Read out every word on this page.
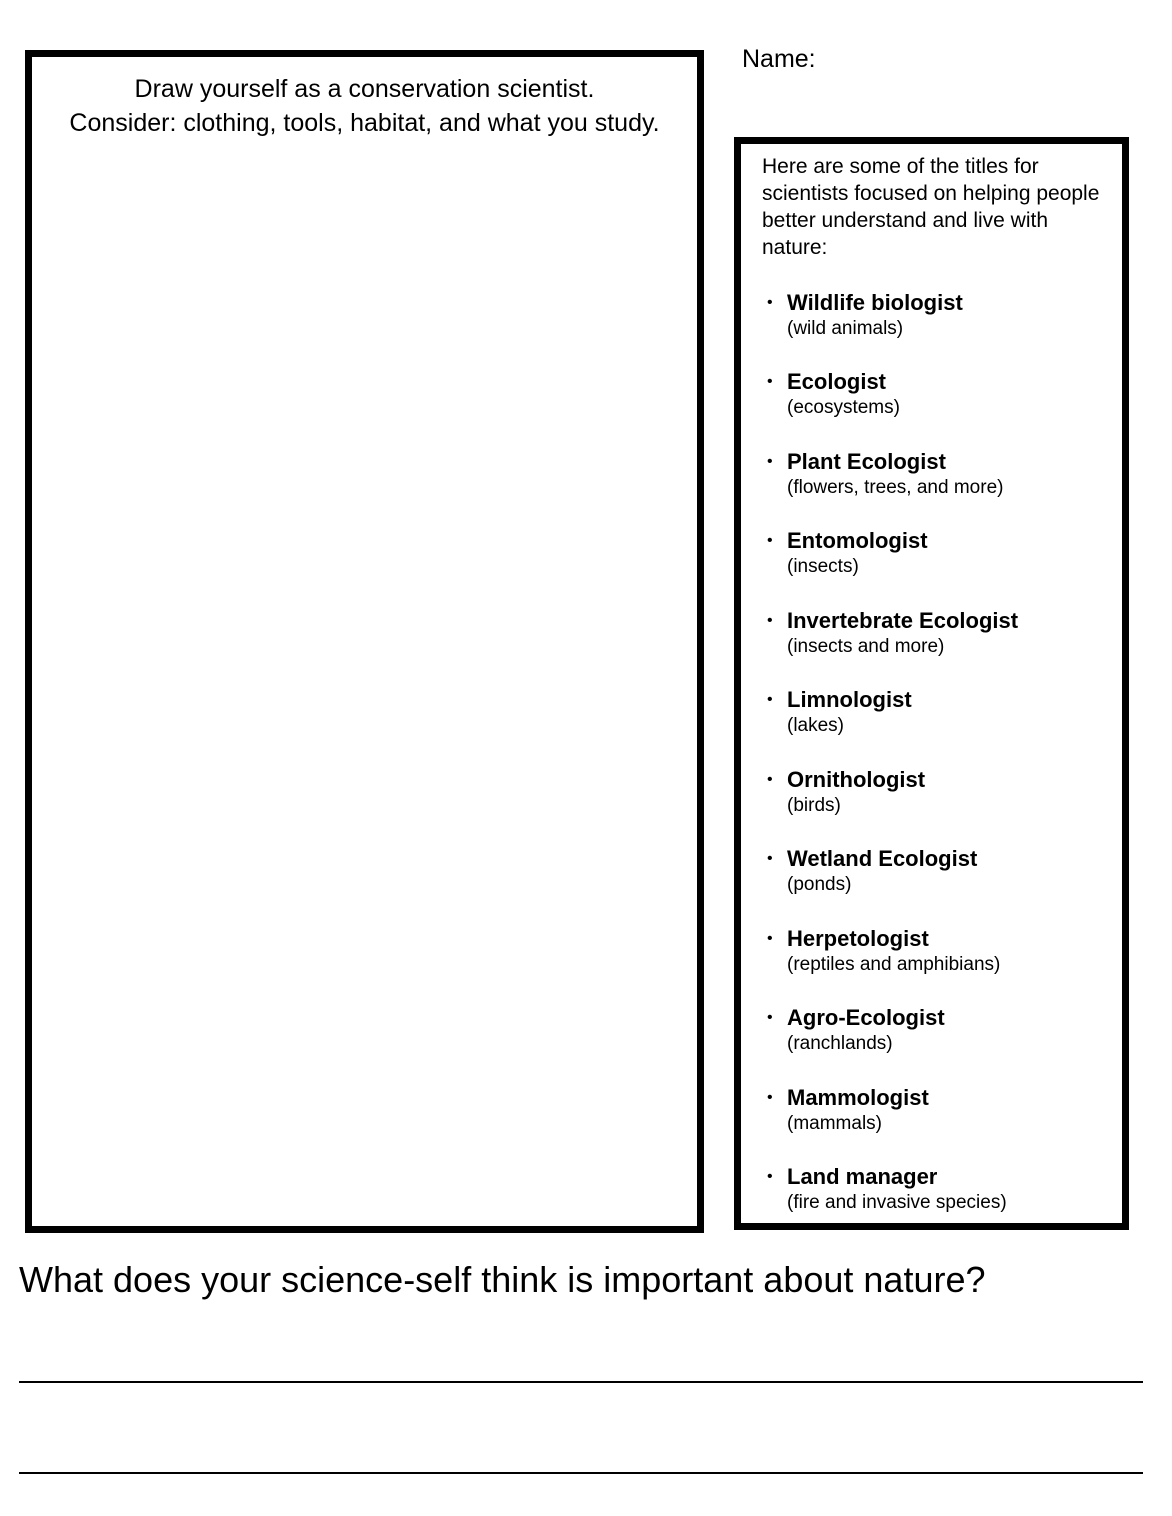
Draw yourself as a conservation scientist.
Consider: clothing, tools, habitat, and what you study.
Name:

Here are some of the titles for scientists focused on helping people better understand and live with nature:

• Wildlife biologist
(wild animals)
• Ecologist
(ecosystems)
• Plant Ecologist
(flowers, trees, and more)
• Entomologist
(insects)
• Invertebrate Ecologist
(insects and more)
• Limnologist
(lakes)
• Ornithologist
(birds)
• Wetland Ecologist
(ponds)
• Herpetologist
(reptiles and amphibians)
• Agro-Ecologist
(ranchlands)
• Mammologist
(mammals)
• Land manager
(fire and invasive species)
What does your science-self think is important about nature?
